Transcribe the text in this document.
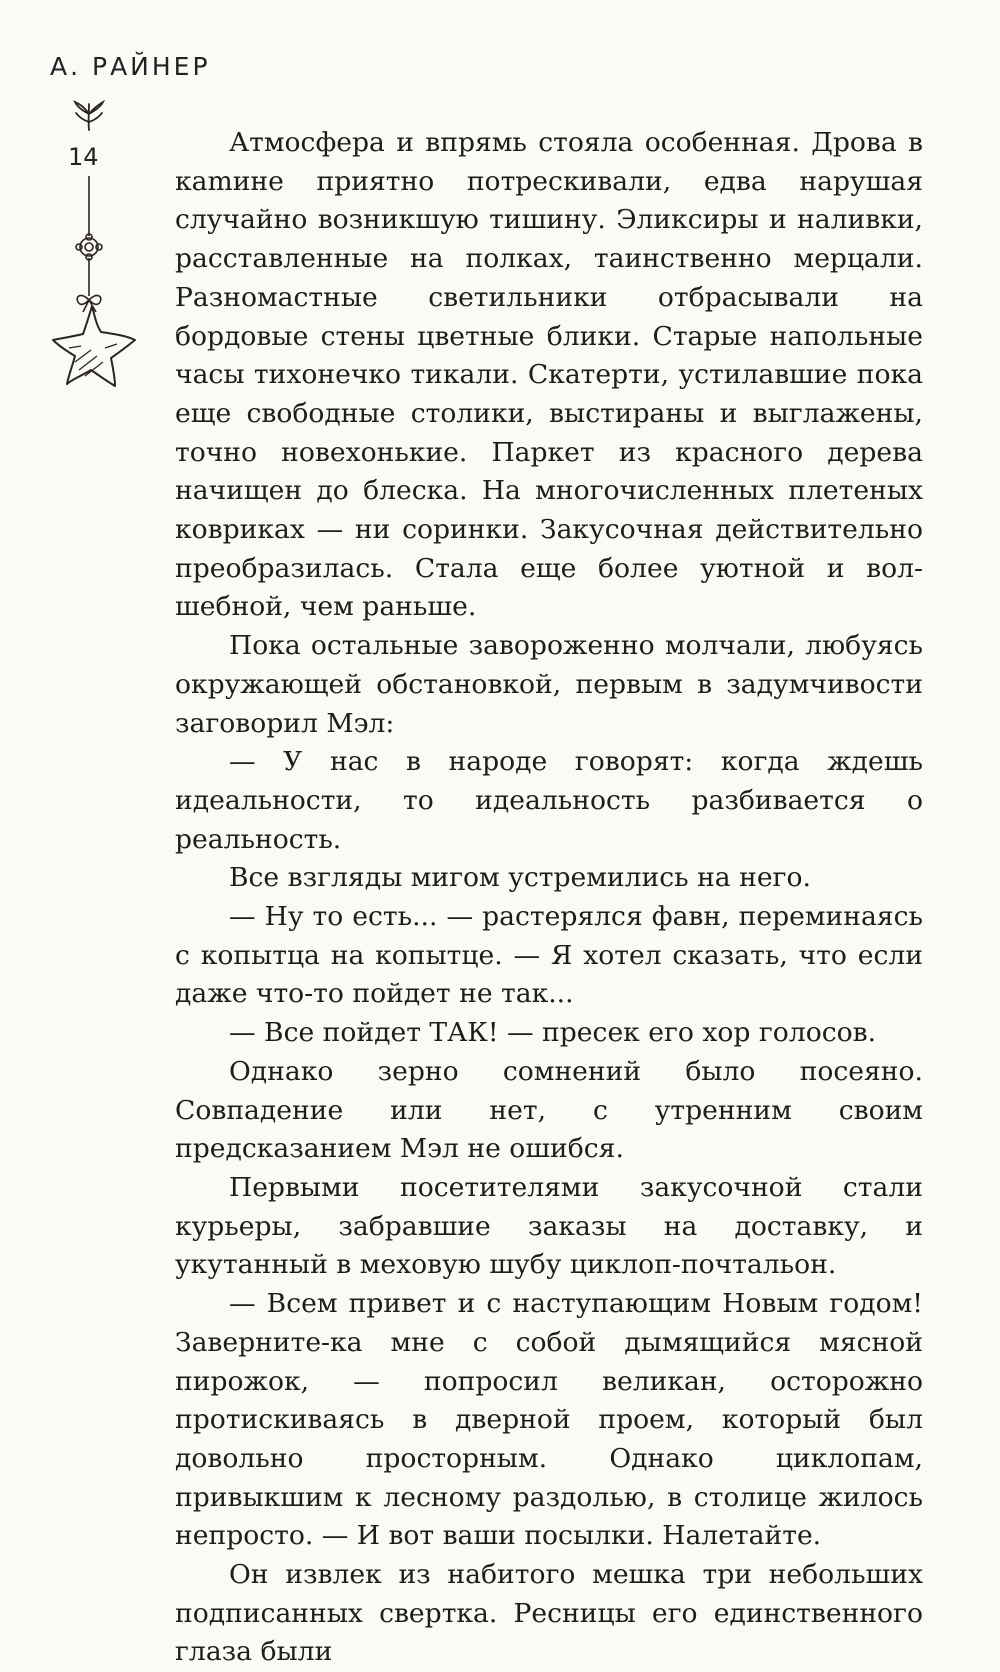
А. РАЙНЕР
14	Атмосфера и впрямь стояла особенная. Дрова в каmине приятно потрескивали, едва нарушая случайно возникшую тишину. Эликсиры и наливки, расставленные на полках, таинственно мерцали. Разномастные светильники отбрасывали на бордовые стены цветные блики. Старые напольные часы тихонечко тикали. Скатерти, устилавшие пока еще свободные столики, выстираны и выглажены, точно новехонькие. Паркет из красного дерева начищен до блеска. На многочисленных плетеных ковриках — ни соринки. Закусочная действительно преобразилась. Стала еще более уютной и волшебной, чем раньше.

Пока остальные завороженно молчали, любуясь окружающей обстановкой, первым в задумчивости заговорил Мэл:

— У нас в народе говорят: когда ждешь идеальности, то идеальность разбивается о реальность.

Все взгляды мигом устремились на него.

— Ну то есть... — растерялся фавн, переминаясь с копытца на копытце. — Я хотел сказать, что если даже что-то пойдет не так...

— Все пойдет ТАК! — пресек его хор голосов.

Однако зерно сомнений было посеяно. Совпадение или нет, с утренним своим предсказанием Мэл не ошибся.

Первыми посетителями закусочной стали курьеры, забравшие заказы на доставку, и укутанный в меховую шубу циклоп-почтальон.

— Всем привет и с наступающим Новым годом! Заверните-ка мне с собой дымящийся мясной пирожок, — попросил великан, осторожно протискиваясь в дверной проем, который был довольно просторным. Однако циклопам, привыкшим к лесному раздолью, в столице жилось непросто. — И вот ваши посылки. Налетайте.

Он извлек из набитого мешка три небольших подписанных свертка. Ресницы его единственного глаза были
